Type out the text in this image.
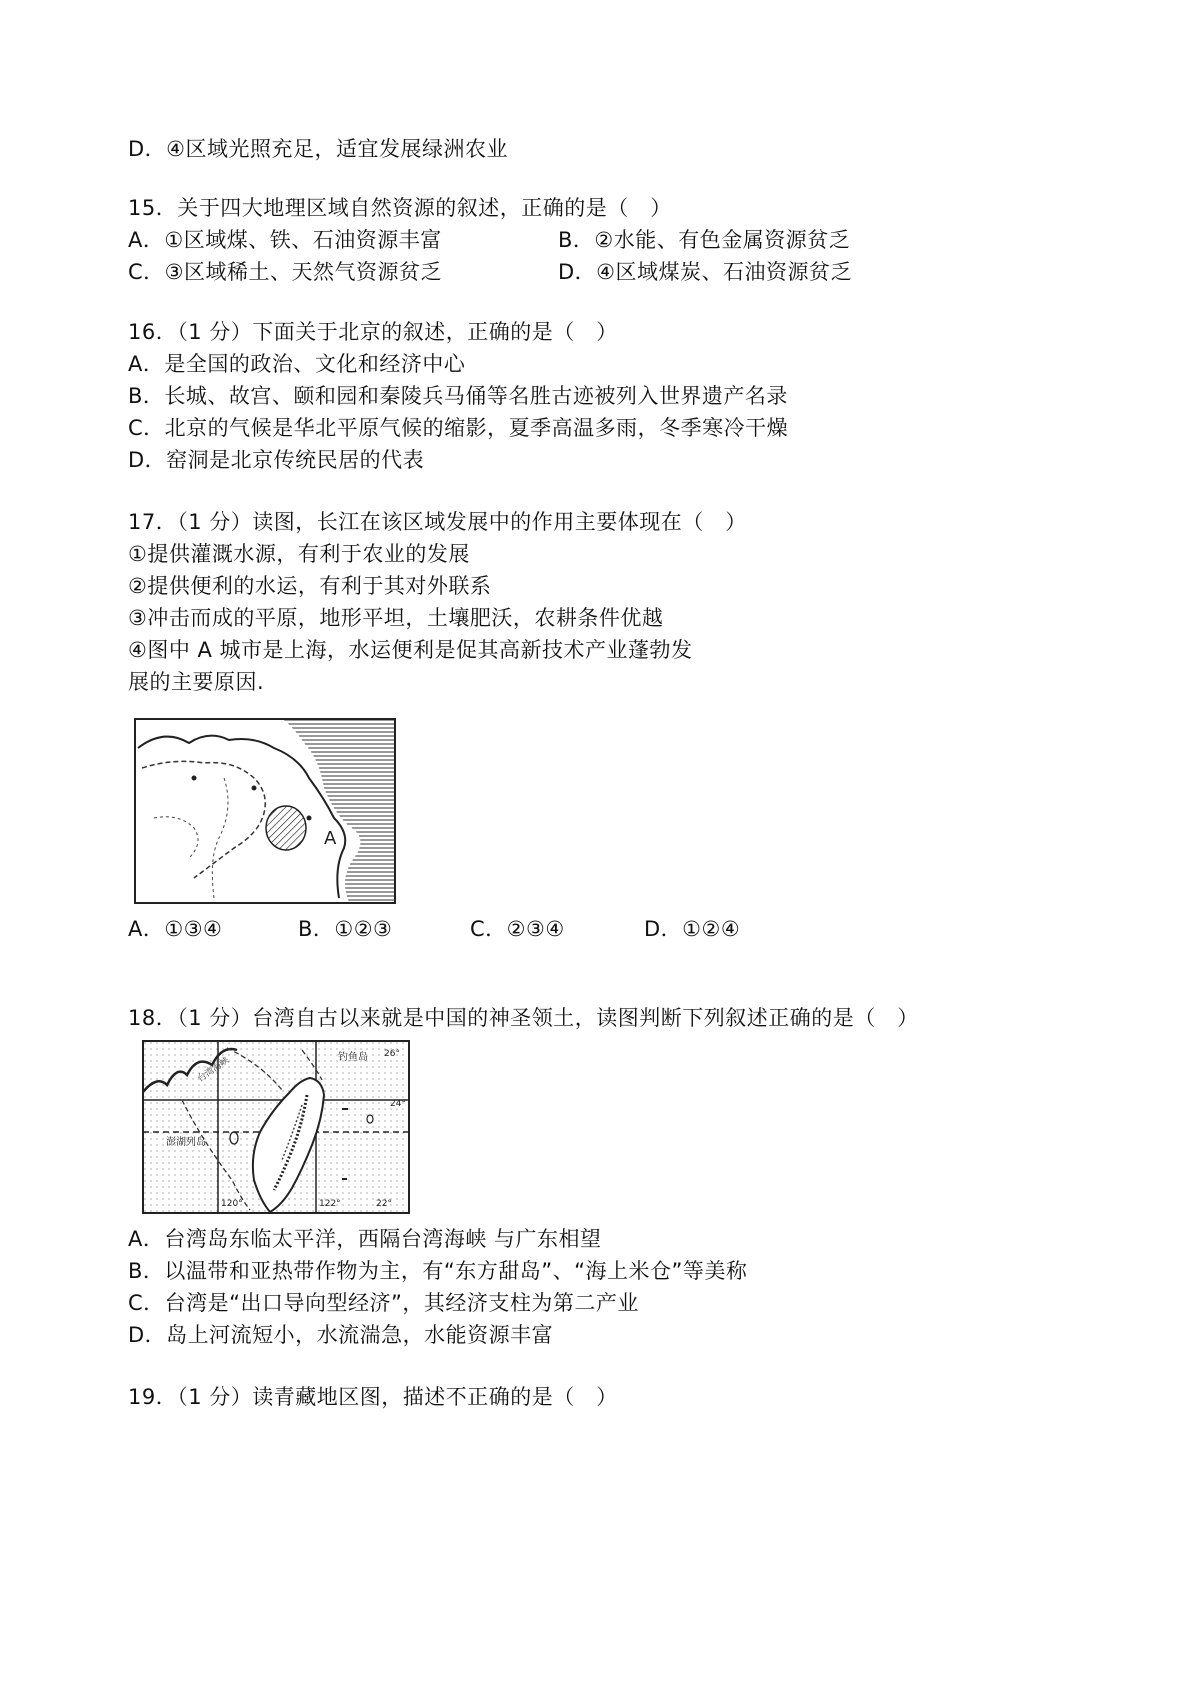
D．④区域光照充足，适宜发展绿洲农业
15．关于四大地理区域自然资源的叙述，正确的是（　）
A．①区域煤、铁、石油资源丰富	B．②水能、有色金属资源贫乏
C．③区域稀土、天然气资源贫乏	D．④区域煤炭、石油资源贫乏
16．（1 分）下面关于北京的叙述，正确的是（　）
A．是全国的政治、文化和经济中心
B．长城、故宫、颐和园和秦陵兵马俑等名胜古迹被列入世界遗产名录
C．北京的气候是华北平原气候的缩影，夏季高温多雨，冬季寒冷干燥
D．窑洞是北京传统民居的代表
17．（1 分）读图，长江在该区域发展中的作用主要体现在（　）
①提供灌溉水源，有利于农业的发展
②提供便利的水运，有利于其对外联系
③冲击而成的平原，地形平坦，土壤肥沃，农耕条件优越
④图中 A 城市是上海，水运便利是促其高新技术产业蓬勃发
展的主要原因.
A
A．①③④	B．①②③	C．②③④	D．①②④
18．（1 分）台湾自古以来就是中国的神圣领土，读图判断下列叙述正确的是（　）
钓鱼岛 26°
24°
22°
120°	122°
澎湖列岛
台湾海峡
A．台湾岛东临太平洋，西隔台湾海峡 与广东相望
B．以温带和亚热带作物为主，有“东方甜岛”、“海上米仓”等美称
C．台湾是“出口导向型经济”，其经济支柱为第二产业
D．岛上河流短小，水流湍急，水能资源丰富
19．（1 分）读青藏地区图，描述不正确的是（　）
